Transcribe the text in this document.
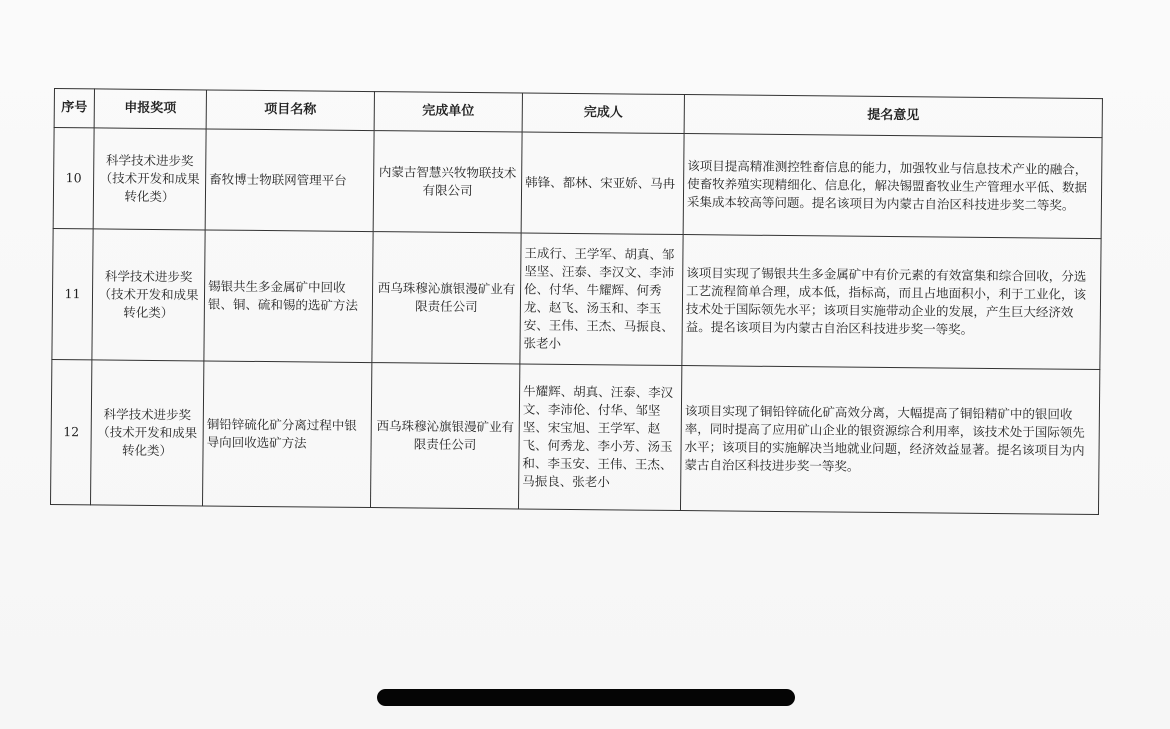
序号	申报奖项	项目名称	完成单位	完成人	提名意见
10	科学技术进步奖（技术开发和成果转化类）	畜牧博士物联网管理平台	内蒙古智慧兴牧物联技术有限公司	韩锋、都林、宋亚娇、马冉	该项目提高精准测控牲畜信息的能力，加强牧业与信息技术产业的融合，使畜牧养殖实现精细化、信息化，解决锡盟畜牧业生产管理水平低、数据采集成本较高等问题。提名该项目为内蒙古自治区科技进步奖二等奖。
11	科学技术进步奖（技术开发和成果转化类）	锡银共生多金属矿中回收银、铜、硫和锡的选矿方法	西乌珠穆沁旗银漫矿业有限责任公司	王成行、王学军、胡真、邹坚坚、汪泰、李汉文、李沛伦、付华、牛耀辉、何秀龙、赵飞、汤玉和、李玉安、王伟、王杰、马振良、张老小	该项目实现了锡银共生多金属矿中有价元素的有效富集和综合回收，分选工艺流程简单合理，成本低，指标高，而且占地面积小，利于工业化，该技术处于国际领先水平；该项目实施带动企业的发展，产生巨大经济效益。提名该项目为内蒙古自治区科技进步奖一等奖。
12	科学技术进步奖（技术开发和成果转化类）	铜铅锌硫化矿分离过程中银导向回收选矿方法	西乌珠穆沁旗银漫矿业有限责任公司	牛耀辉、胡真、汪泰、李汉文、李沛伦、付华、邹坚坚、宋宝旭、王学军、赵飞、何秀龙、李小芳、汤玉和、李玉安、王伟、王杰、马振良、张老小	该项目实现了铜铅锌硫化矿高效分离，大幅提高了铜铅精矿中的银回收率，同时提高了应用矿山企业的银资源综合利用率，该技术处于国际领先水平；该项目的实施解决当地就业问题，经济效益显著。提名该项目为内蒙古自治区科技进步奖一等奖。
